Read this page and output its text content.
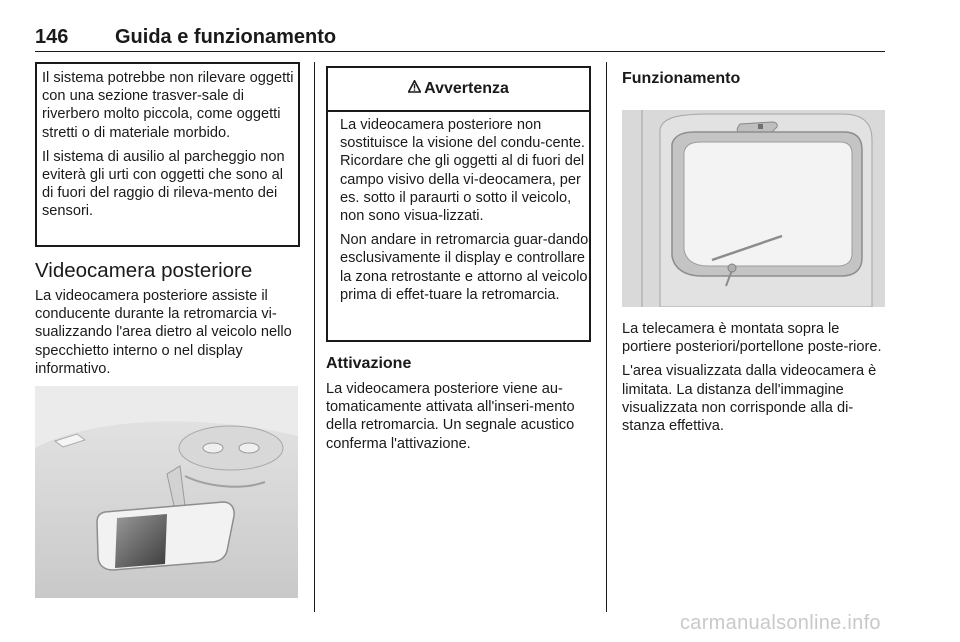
146 Guida e funzionamento

Il sistema potrebbe non rilevare oggetti con una sezione trasver-sale di riverbero molto piccola, come oggetti stretti o di materiale morbido.

Il sistema di ausilio al parcheggio non eviterà gli urti con oggetti che sono al di fuori del raggio di rileva-mento dei sensori.

Videocamera posteriore
La videocamera posteriore assiste il conducente durante la retromarcia vi-sualizzando l'area dietro al veicolo nello specchietto interno o nel display informativo.
Avvertenza

La videocamera posteriore non sostituisce la visione del condu-cente. Ricordare che gli oggetti al di fuori del campo visivo della vi-deocamera, per es. sotto il paraurti o sotto il veicolo, non sono visua-lizzati.

Non andare in retromarcia guar-dando esclusivamente il display e controllare la zona retrostante e attorno al veicolo prima di effet-tuare la retromarcia.

Attivazione
La videocamera posteriore viene au-tomaticamente attivata all'inseri-mento della retromarcia. Un segnale acustico conferma l'attivazione.
Funzionamento

La telecamera è montata sopra le portiere posteriori/portellone poste-riore.

L'area visualizzata dalla videocamera è limitata. La distanza dell'immagine visualizzata non corrisponde alla di-stanza effettiva.

carmanualsonline.info
